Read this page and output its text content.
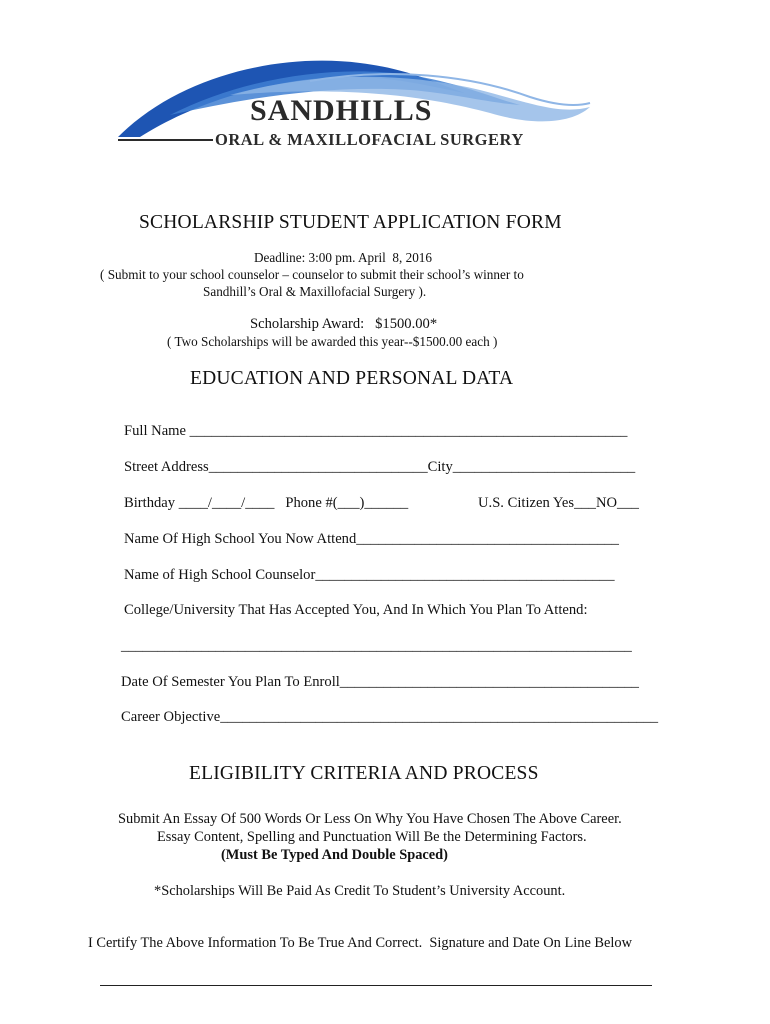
SANDHILLS
ORAL & MAXILLOFACIAL SURGERY
SCHOLARSHIP STUDENT APPLICATION FORM
Deadline: 3:00 pm. April  8, 2016
( Submit to your school counselor – counselor to submit their school’s winner to
Sandhill’s Oral & Maxillofacial Surgery ).
Scholarship Award:   $1500.00*
( Two Scholarships will be awarded this year--$1500.00 each )
EDUCATION AND PERSONAL DATA
Full Name ____________________________________________________________
Street Address______________________________City_________________________
Birthday ____/____/____   Phone #(___)______	U.S. Citizen Yes___NO___
Name Of High School You Now Attend____________________________________
Name of High School Counselor_________________________________________
College/University That Has Accepted You, And In Which You Plan To Attend:
______________________________________________________________________
Date Of Semester You Plan To Enroll_________________________________________
Career Objective____________________________________________________________
ELIGIBILITY CRITERIA AND PROCESS
Submit An Essay Of 500 Words Or Less On Why You Have Chosen The Above Career.
Essay Content, Spelling and Punctuation Will Be the Determining Factors.
(Must Be Typed And Double Spaced)
*Scholarships Will Be Paid As Credit To Student’s University Account.
I Certify The Above Information To Be True And Correct.  Signature and Date On Line Below
